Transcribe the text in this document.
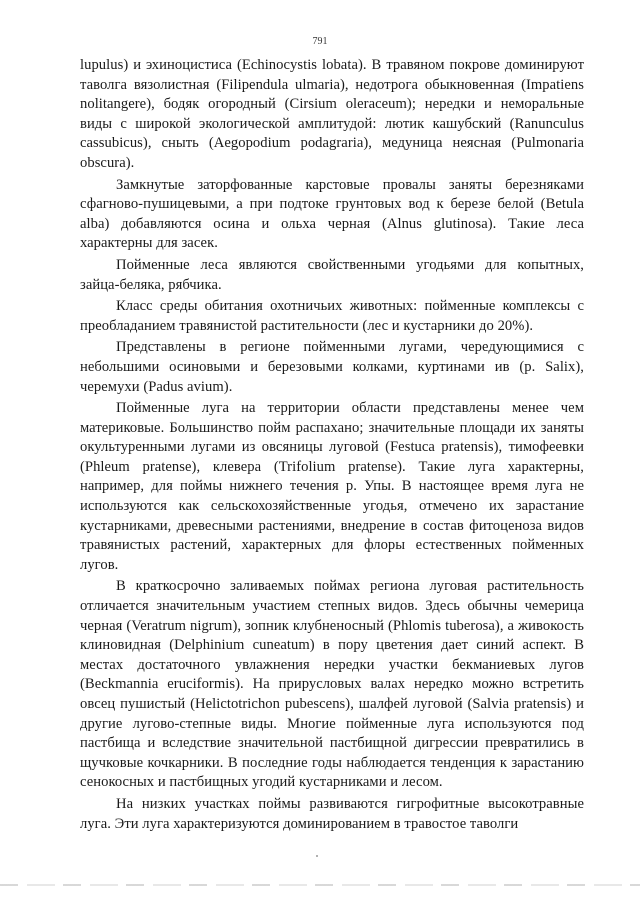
791

lupulus) и эхиноцистиса (Echinocystis lobata). В травяном покрове доминируют таволга вязолистная (Filipendula ulmaria), недотрога обыкновенная (Impatiens nolitangere), бодяк огородный (Cirsium oleraceum); нередки и неморальные виды с широкой экологической амплитудой: лютик кашубский (Ranunculus cassubicus), сныть (Aegopodium podagraria), медуница неясная (Pulmonaria obscura).

Замкнутые заторфованные карстовые провалы заняты березняками сфагново-пушицевыми, а при подтоке грунтовых вод к березе белой (Betula alba) добавляются осина и ольха черная (Alnus glutinosa). Такие леса характерны для засек.

Пойменные леса являются свойственными угодьями для копытных, зайца-беляка, рябчика.

Класс среды обитания охотничьих животных: пойменные комплексы с преобладанием травянистой растительности (лес и кустарники до 20%).

Представлены в регионе пойменными лугами, чередующимися с небольшими осиновыми и березовыми колками, куртинами ив (р. Salix), черемухи (Padus avium).

Пойменные луга на территории области представлены менее чем материковые. Большинство пойм распахано; значительные площади их заняты окультуренными лугами из овсяницы луговой (Festuca pratensis), тимофеевки (Phleum pratense), клевера (Trifolium pratense). Такие луга характерны, например, для поймы нижнего течения р. Упы. В настоящее время луга не используются как сельскохозяйственные угодья, отмечено их зарастание кустарниками, древесными растениями, внедрение в состав фитоценоза видов травянистых растений, характерных для флоры естественных пойменных лугов.

В краткосрочно заливаемых поймах региона луговая растительность отличается значительным участием степных видов. Здесь обычны чемерица черная (Veratrum nigrum), зопник клубненосный (Phlomis tuberosa), а живокость клиновидная (Delphinium cuneatum) в пору цветения дает синий аспект. В местах достаточного увлажнения нередки участки бекманиевых лугов (Beckmannia eruciformis). На прирусловых валах нередко можно встретить овсец пушистый (Helictotrichon pubescens), шалфей луговой (Salvia pratensis) и другие лугово-степные виды. Многие пойменные луга используются под пастбища и вследствие значительной пастбищной дигрессии превратились в щучковые кочкарники. В последние годы наблюдается тенденция к зарастанию сенокосных и пастбищных угодий кустарниками и лесом.

На низких участках поймы развиваются гигрофитные высокотравные луга. Эти луга характеризуются доминированием в травостое таволги
